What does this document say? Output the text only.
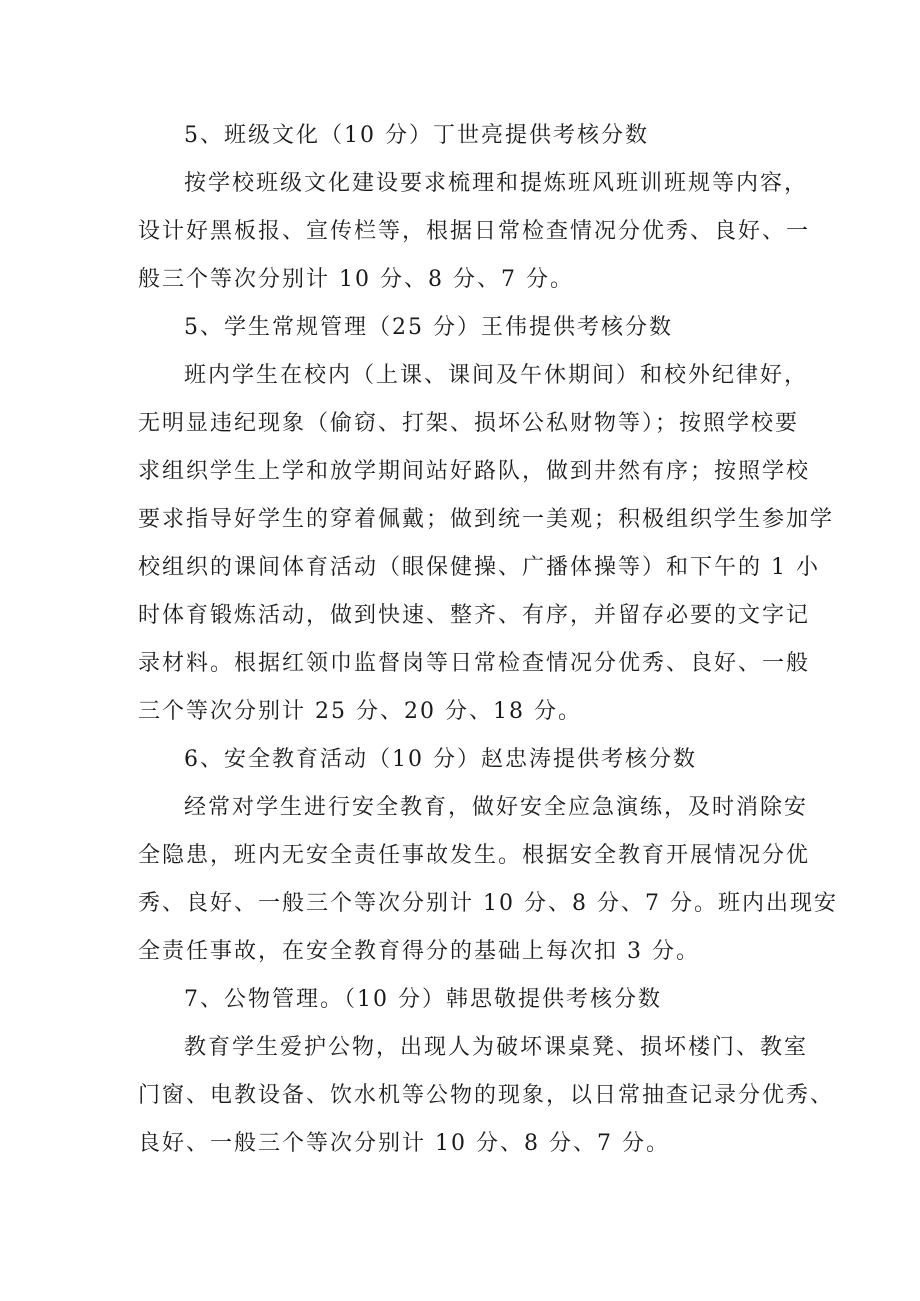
5、班级文化（10 分）丁世亮提供考核分数
按学校班级文化建设要求梳理和提炼班风班训班规等内容，
设计好黑板报、宣传栏等，根据日常检查情况分优秀、良好、一
般三个等次分别计 10 分、8 分、7 分。
5、学生常规管理（25 分）王伟提供考核分数
班内学生在校内（上课、课间及午休期间）和校外纪律好，
无明显违纪现象（偷窃、打架、损坏公私财物等）；按照学校要
求组织学生上学和放学期间站好路队，做到井然有序；按照学校
要求指导好学生的穿着佩戴；做到统一美观；积极组织学生参加学
校组织的课间体育活动（眼保健操、广播体操等）和下午的 1 小
时体育锻炼活动，做到快速、整齐、有序，并留存必要的文字记
录材料。根据红领巾监督岗等日常检查情况分优秀、良好、一般
三个等次分别计 25 分、20 分、18 分。
6、安全教育活动（10 分）赵忠涛提供考核分数
经常对学生进行安全教育，做好安全应急演练，及时消除安
全隐患，班内无安全责任事故发生。根据安全教育开展情况分优
秀、良好、一般三个等次分别计 10 分、8 分、7 分。班内出现安
全责任事故，在安全教育得分的基础上每次扣 3 分。
7、公物管理。（10 分）韩思敬提供考核分数
教育学生爱护公物，出现人为破坏课桌凳、损坏楼门、教室
门窗、电教设备、饮水机等公物的现象，以日常抽查记录分优秀、
良好、一般三个等次分别计 10 分、8 分、7 分。
